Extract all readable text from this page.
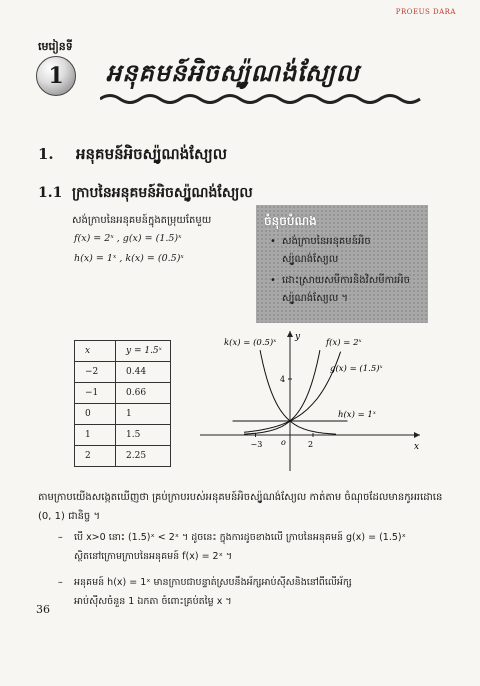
PROEUS DARA
មេរៀនទី
1 អនុគមន៍អិចស្ប៉ូណង់ស្យែល
1. អនុគមន៍អិចស្ប៉ូណង់ស្យែល
1.1 ក្រាបនៃអនុគមន៍អិចស្ប៉ូណង់ស្យែល
សង់ក្រាបនៃអនុគមន៍ក្នុងតម្រុយតែមួយ
f(x) = 2ˣ , g(x) = (1.5)ˣ
h(x) = 1ˣ , k(x) = (0.5)ˣ
ចំនុចបំណង
• សង់ក្រាបនៃអនុគមន៍អិចស្ប៉ូណង់ស្យែល
• ដោះស្រាយសមីការនិងវិសមីការអិចស្ប៉ូណង់ស្យែល ។
x	y = 1.5ˣ
−2	0.44
−1	0.66
0	1
1	1.5
2	2.25
x
y
o
−3	2
4
k(x) = (0.5)ˣ	f(x) = 2ˣ
g(x) = (1.5)ˣ
h(x) = 1ˣ
តាមក្រាបយើងសង្កេតឃើញថា គ្រប់ក្រាបរបស់អនុគមន៍អិចស្ប៉ូណង់ស្យែល កាត់តាម ចំណុចដែលមានកូអរដោនេ (0, 1) ជានិច្ច ។
– បើ x>0 នោះ (1.5)ˣ < 2ˣ ។ ដូចនេះ ក្នុងការដូចខាងលើ ក្រាបនៃអនុគមន៍ g(x) = (1.5)ˣ
ស្ថិតនៅក្រោមក្រាបនៃអនុគមន៍ f(x) = 2ˣ ។
– អនុគមន៍ h(x) = 1ˣ មានក្រាបជាបន្ទាត់ស្របនឹងអ័ក្សអាប់ស៊ីសនិងនៅពីលើអ័ក្ស
អាប់ស៊ីសចំនួន 1 ឯកតា ចំពោះគ្រប់តម្លៃ x ។
36
